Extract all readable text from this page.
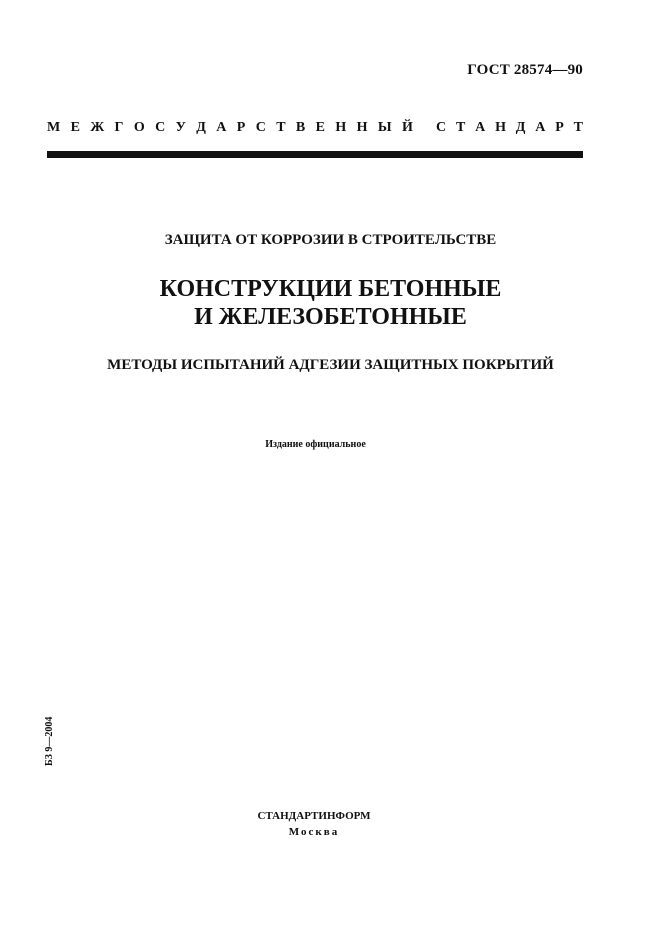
ГОСТ 28574—90
М Е Ж Г О С У Д А Р С Т В Е Н Н Ы Й С Т А Н Д А Р Т
ЗАЩИТА ОТ КОРРОЗИИ В СТРОИТЕЛЬСТВЕ
КОНСТРУКЦИИ БЕТОННЫЕ
И ЖЕЛЕЗОБЕТОННЫЕ
МЕТОДЫ ИСПЫТАНИЙ АДГЕЗИИ ЗАЩИТНЫХ ПОКРЫТИЙ
Издание официальное
БЗ 9—2004
СТАНДАРТИНФОРМ
Москва
